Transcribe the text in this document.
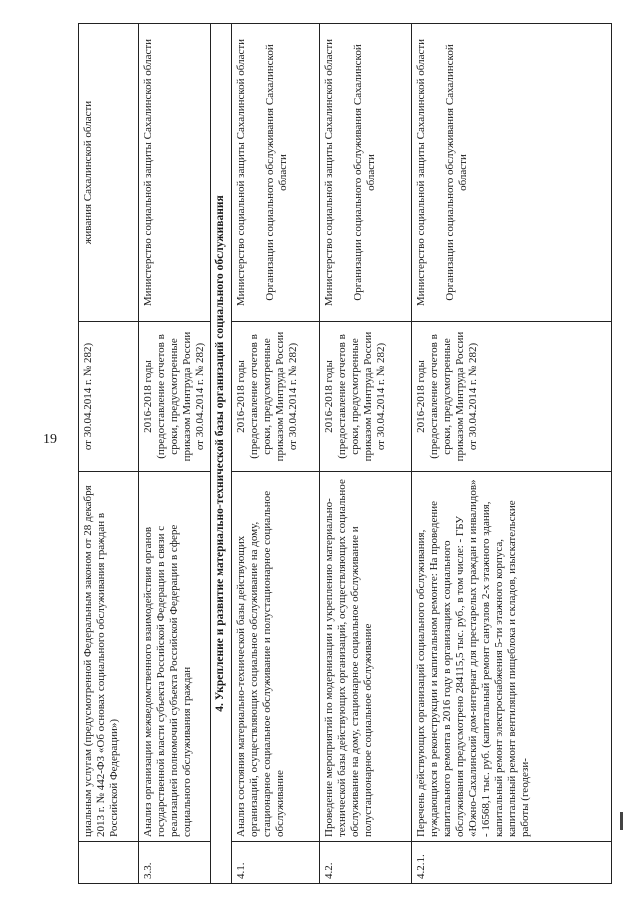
19
	циальным услугам (предусмотренной Федеральным законом от 28 декабря 2013 г. № 442-ФЗ «Об основах социального обслуживания граждан в Российской Федерации»)	от 30.04.2014 г. № 282)	живания Сахалинской области
3.3.	Анализ организации межведомственного взаимодействия органов государственной власти субъекта Российской Федерации в связи с реализацией полномочий субъекта Российской Федерации в сфере социального обслуживания граждан	2016-2018 годы (предоставление отчетов в сроки, предусмотренные приказом Минтруда России от 30.04.2014 г. № 282)	Министерство социальной защиты Сахалинской области
4. Укрепление и развитие материально-технической базы организаций социального обслуживания			
4.1.	Анализ состояния материально-технической базы действующих организаций, осуществляющих социальное обслуживание на дому, стационарное социальное обслуживание и полустационарное социальное обслуживание	2016-2018 годы (предоставление отчетов в сроки, предусмотренные приказом Минтруда России от 30.04.2014 г. № 282)	Министерство социальной защиты Сахалинской области Организации социального обслуживания Сахалинской области
4.2.	Проведение мероприятий по модернизации и укреплению материально-технической базы действующих организаций, осуществляющих социальное обслуживание на дому, стационарное социальное обслуживание и полустационарное социальное обслуживание	2016-2018 годы (предоставление отчетов в сроки, предусмотренные приказом Минтруда России от 30.04.2014 г. № 282)	Министерство социальной защиты Сахалинской области Организации социального обслуживания Сахалинской области
4.2.1.	Перечень действующих организаций социального обслуживания, нуждающихся в реконструкции и капитальном ремонте: На проведение капитального ремонта в 2016 году в организациях социального обслуживания предусмотрено 284115,5 тыс. руб., в том числе: - ГБУ «Южно-Сахалинский дом-интернат для престарелых граждан и инвалидов» - 16568,1 тыс. руб. (капитальный ремонт санузлов 2-х этажного здания, капитальный ремонт электроснабжения 5-ти этажного корпуса, капитальный ремонт вентиляции пищеблока и складов, изыскательские работы (геодези-	2016-2018 годы (предоставление отчетов в сроки, предусмотренные приказом Минтруда России от 30.04.2014 г. № 282)	Министерство социальной защиты Сахалинской области Организации социального обслуживания Сахалинской области
